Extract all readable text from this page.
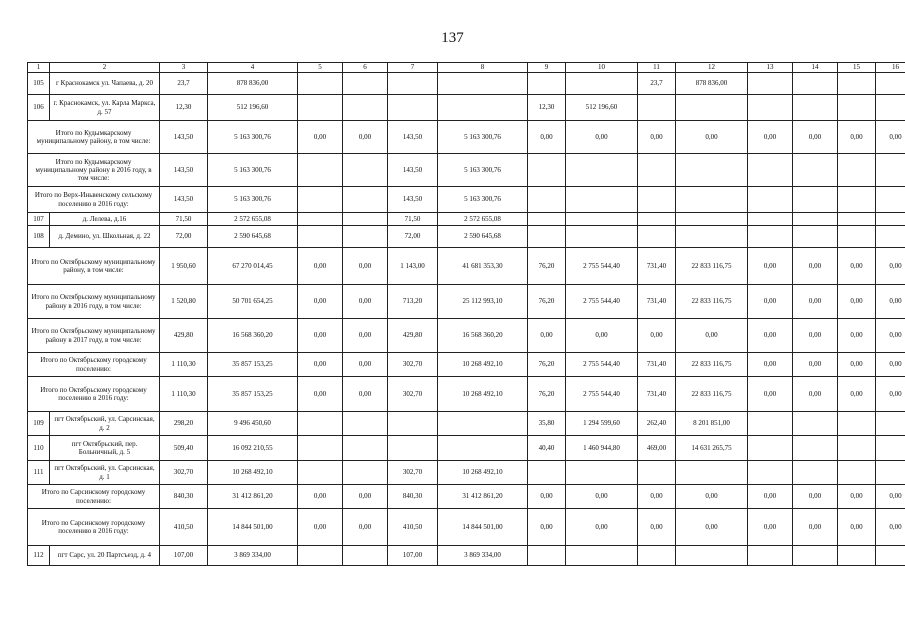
137
1	2	3	4	5	6	7	8	9	10	11	12	13	14	15	16
105	г Краснокамск ул. Чапаева, д. 20	23,7	878 836,00							23,7	878 836,00				
106	г. Краснокамск, ул. Карла Маркса, д. 57	12,30	512 196,60					12,30	512 196,60						
Итого по Кудымкарскому муниципальному району, в том числе:		143,50	5 163 300,76	0,00	0,00	143,50	5 163 300,76	0,00	0,00	0,00	0,00	0,00	0,00	0,00	0,00
Итого по Кудымкарскому муниципальному району в 2016 году, в том числе:		143,50	5 163 300,76			143,50	5 163 300,76								
Итого по Верх-Иньвенскому сельскому поселению в 2016 году:		143,50	5 163 300,76			143,50	5 163 300,76								
107	д. Лелева, д.16	71,50	2 572 655,08			71,50	2 572 655,08								
108	д. Демино, ул. Школьная, д. 22	72,00	2 590 645,68			72,00	2 590 645,68								
Итого по Октябрьскому муниципальному району, в том числе:		1 950,60	67 270 014,45	0,00	0,00	1 143,00	41 681 353,30	76,20	2 755 544,40	731,40	22 833 116,75	0,00	0,00	0,00	0,00
Итого по Октябрьскому муниципальному району в 2016 году, в том числе:		1 520,80	50 701 654,25	0,00	0,00	713,20	25 112 993,10	76,20	2 755 544,40	731,40	22 833 116,75	0,00	0,00	0,00	0,00
Итого по Октябрьскому муниципальному району в 2017 году, в том числе:		429,80	16 568 360,20	0,00	0,00	429,80	16 568 360,20	0,00	0,00	0,00	0,00	0,00	0,00	0,00	0,00
Итого по Октябрьскому городскому поселению:		1 110,30	35 857 153,25	0,00	0,00	302,70	10 268 492,10	76,20	2 755 544,40	731,40	22 833 116,75	0,00	0,00	0,00	0,00
Итого по Октябрьскому городскому поселению в 2016 году:		1 110,30	35 857 153,25	0,00	0,00	302,70	10 268 492,10	76,20	2 755 544,40	731,40	22 833 116,75	0,00	0,00	0,00	0,00
109	пгт Октябрьский, ул. Сарсинская, д. 2	298,20	9 496 450,60					35,80	1 294 599,60	262,40	8 201 851,00				
110	пгт Октябрьский, пер. Больничный, д. 5	509,40	16 092 210,55					40,40	1 460 944,80	469,00	14 631 265,75				
111	пгт Октябрьский, ул. Сарсинская, д. 1	302,70	10 268 492,10			302,70	10 268 492,10								
Итого по Сарсинскому городскому поселению:		840,30	31 412 861,20	0,00	0,00	840,30	31 412 861,20	0,00	0,00	0,00	0,00	0,00	0,00	0,00	0,00
Итого по Сарсинскому городскому поселению в 2016 году:		410,50	14 844 501,00	0,00	0,00	410,50	14 844 501,00	0,00	0,00	0,00	0,00	0,00	0,00	0,00	0,00
112	пгт Сарс, ул. 20 Партсъезд, д. 4	107,00	3 869 334,00			107,00	3 869 334,00								
